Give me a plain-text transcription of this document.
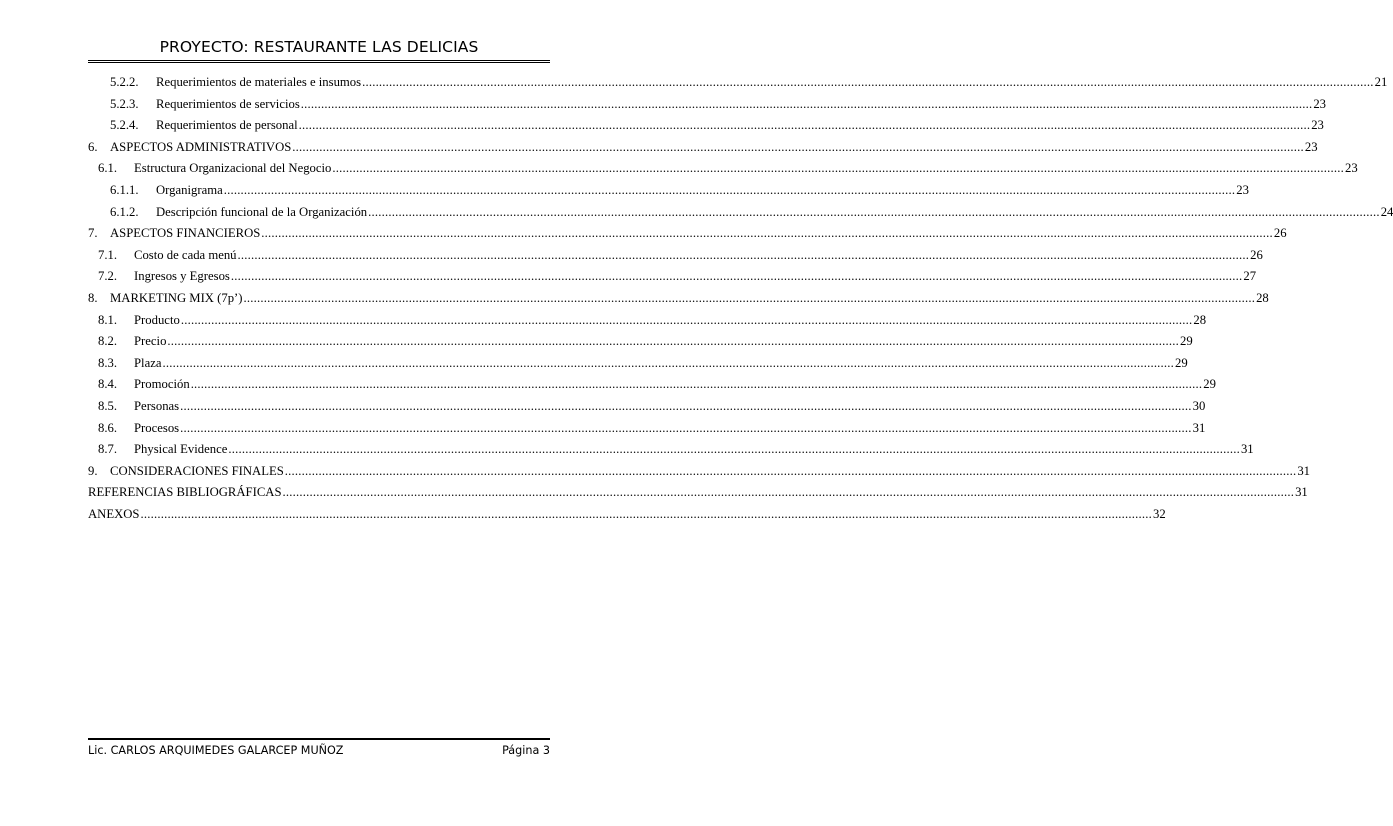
PROYECTO: RESTAURANTE LAS DELICIAS
5.2.2. Requerimientos de materiales e insumos ............................................................................................................................................................................................................................................................................................................ 21
5.2.3. Requerimientos de servicios ............................................................................................................................................................................................................................................................................................................ 23
5.2.4. Requerimientos de personal ............................................................................................................................................................................................................................................................................................................ 23
6. ASPECTOS ADMINISTRATIVOS ............................................................................................................................................................................................................................................................................................................ 23
6.1. Estructura Organizacional del Negocio ............................................................................................................................................................................................................................................................................................................ 23
6.1.1. Organigrama ............................................................................................................................................................................................................................................................................................................ 23
6.1.2. Descripción funcional de la Organización ............................................................................................................................................................................................................................................................................................................ 24
7. ASPECTOS FINANCIEROS ............................................................................................................................................................................................................................................................................................................ 26
7.1. Costo de cada menú ............................................................................................................................................................................................................................................................................................................ 26
7.2. Ingresos y Egresos ............................................................................................................................................................................................................................................................................................................ 27
8. MARKETING MIX (7p’) ............................................................................................................................................................................................................................................................................................................ 28
8.1. Producto ............................................................................................................................................................................................................................................................................................................ 28
8.2. Precio ............................................................................................................................................................................................................................................................................................................ 29
8.3. Plaza ............................................................................................................................................................................................................................................................................................................ 29
8.4. Promoción ............................................................................................................................................................................................................................................................................................................ 29
8.5. Personas ............................................................................................................................................................................................................................................................................................................ 30
8.6. Procesos ............................................................................................................................................................................................................................................................................................................ 31
8.7. Physical Evidence ............................................................................................................................................................................................................................................................................................................ 31
9. CONSIDERACIONES FINALES ............................................................................................................................................................................................................................................................................................................ 31
REFERENCIAS BIBLIOGRÁFICAS ............................................................................................................................................................................................................................................................................................................ 31
ANEXOS ............................................................................................................................................................................................................................................................................................................ 32
Lic. CARLOS ARQUIMEDES GALARCEP MUÑOZ	Página 3
